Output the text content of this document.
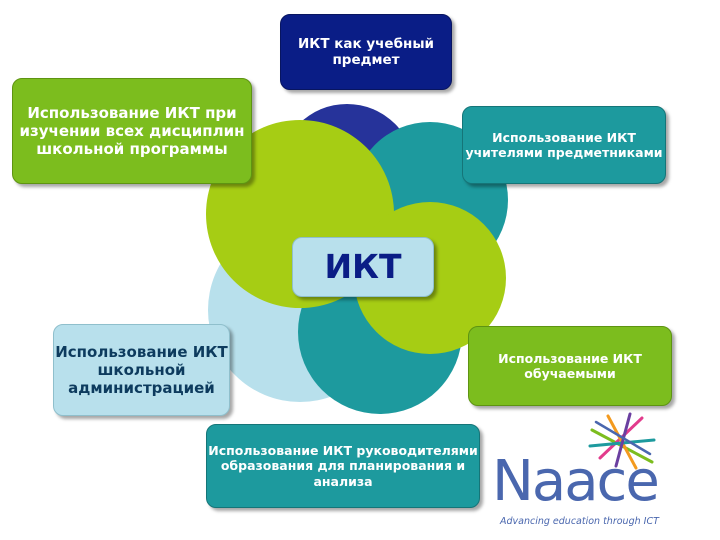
ИКТ как учебный предмет
Использование ИКТ при изучении всех дисциплин школьной программы
Использование ИКТ учителями предметниками
ИКТ
Использование ИКТ школьной администрацией
Использование ИКТ обучаемыми
Использование ИКТ руководителями образования для планирования и анализа	Naace
Advancing education through ICT
